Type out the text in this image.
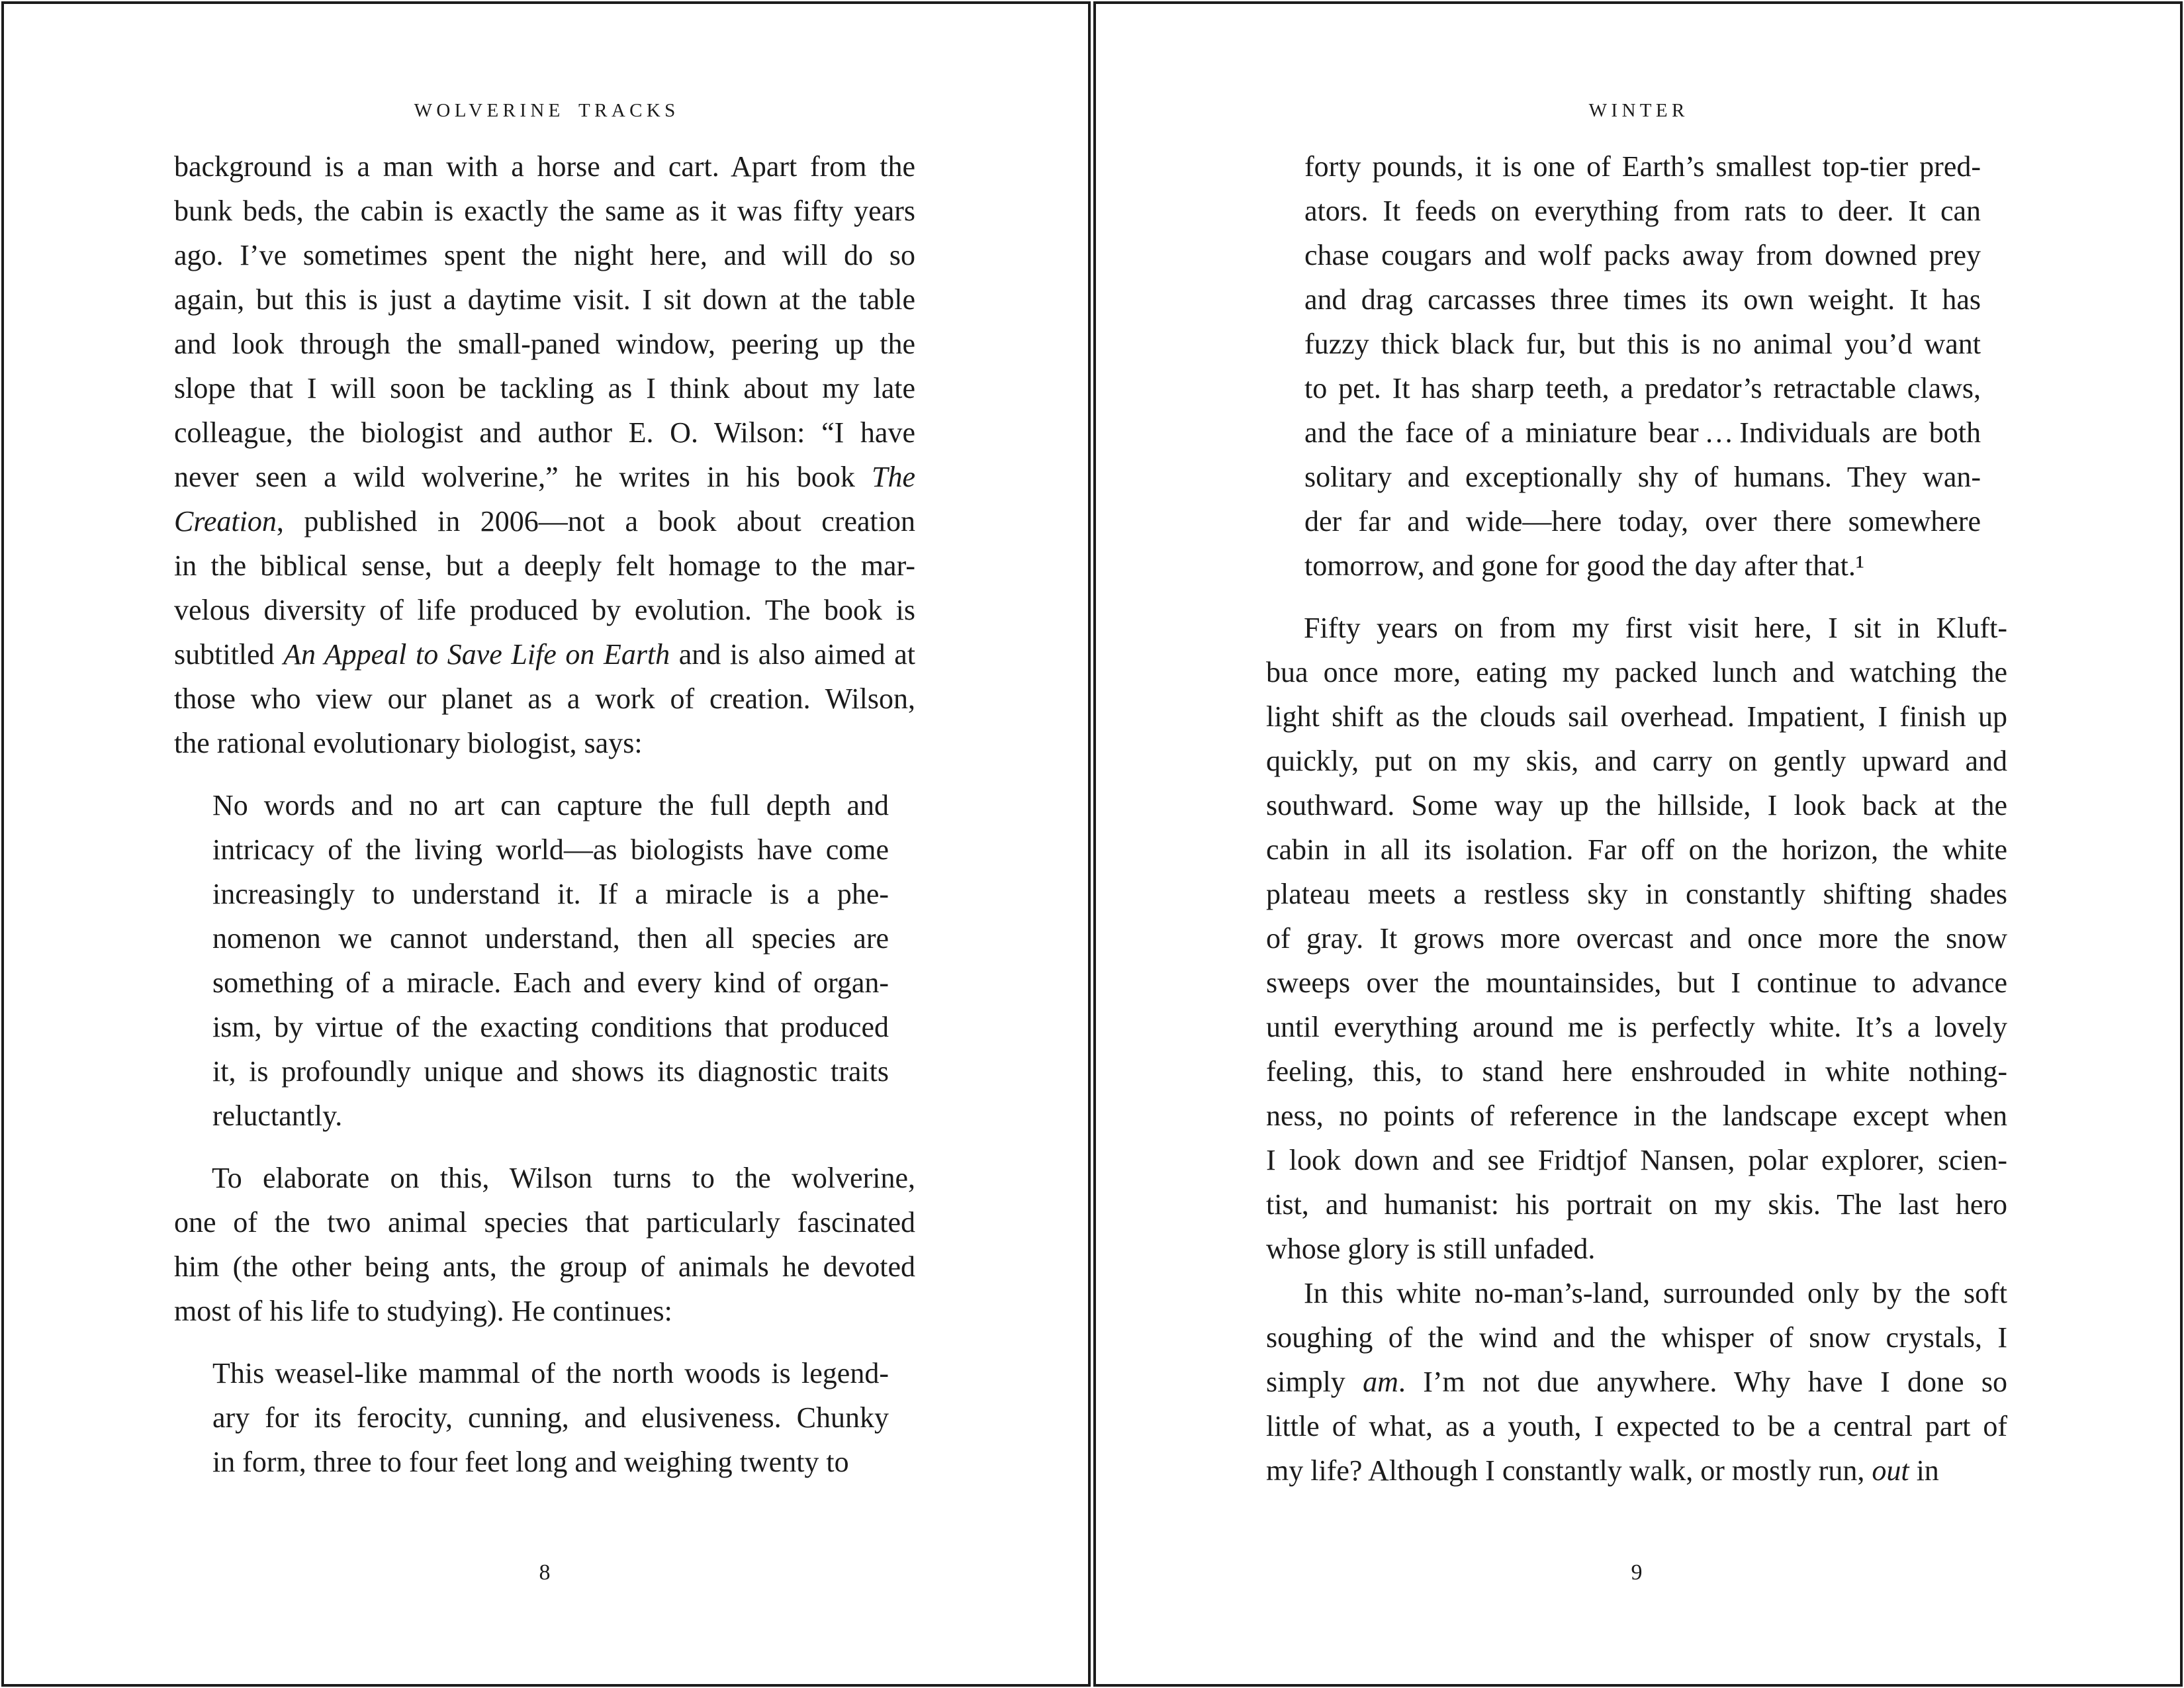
WOLVERINE TRACKS
background is a man with a horse and cart. Apart from the
bunk beds, the cabin is exactly the same as it was fifty years
ago. I’ve sometimes spent the night here, and will do so
again, but this is just a daytime visit. I sit down at the table
and look through the small-paned window, peering up the
slope that I will soon be tackling as I think about my late
colleague, the biologist and author E. O. Wilson: “I have
never seen a wild wolverine,” he writes in his book The
Creation, published in 2006—not a book about creation
in the biblical sense, but a deeply felt homage to the mar-
velous diversity of life produced by evolution. The book is
subtitled An Appeal to Save Life on Earth and is also aimed at
those who view our planet as a work of creation. Wilson,
the rational evolutionary biologist, says:
No words and no art can capture the full depth and
intricacy of the living world—as biologists have come
increasingly to understand it. If a miracle is a phe-
nomenon we cannot understand, then all species are
something of a miracle. Each and every kind of organ-
ism, by virtue of the exacting conditions that produced
it, is profoundly unique and shows its diagnostic traits
reluctantly.
To elaborate on this, Wilson turns to the wolverine,
one of the two animal species that particularly fascinated
him (the other being ants, the group of animals he devoted
most of his life to studying). He continues:
This weasel-like mammal of the north woods is legend-
ary for its ferocity, cunning, and elusiveness. Chunky
in form, three to four feet long and weighing twenty to
8
WINTER
forty pounds, it is one of Earth’s smallest top-tier pred-
ators. It feeds on everything from rats to deer. It can
chase cougars and wolf packs away from downed prey
and drag carcasses three times its own weight. It has
fuzzy thick black fur, but this is no animal you’d want
to pet. It has sharp teeth, a predator’s retractable claws,
and the face of a miniature bear … Individuals are both
solitary and exceptionally shy of humans. They wan-
der far and wide—here today, over there somewhere
tomorrow, and gone for good the day after that.¹
Fifty years on from my first visit here, I sit in Kluft-
bua once more, eating my packed lunch and watching the
light shift as the clouds sail overhead. Impatient, I finish up
quickly, put on my skis, and carry on gently upward and
southward. Some way up the hillside, I look back at the
cabin in all its isolation. Far off on the horizon, the white
plateau meets a restless sky in constantly shifting shades
of gray. It grows more overcast and once more the snow
sweeps over the mountainsides, but I continue to advance
until everything around me is perfectly white. It’s a lovely
feeling, this, to stand here enshrouded in white nothing-
ness, no points of reference in the landscape except when
I look down and see Fridtjof Nansen, polar explorer, scien-
tist, and humanist: his portrait on my skis. The last hero
whose glory is still unfaded.
In this white no-man’s-land, surrounded only by the soft
soughing of the wind and the whisper of snow crystals, I
simply am. I’m not due anywhere. Why have I done so
little of what, as a youth, I expected to be a central part of
my life? Although I constantly walk, or mostly run, out in
9
